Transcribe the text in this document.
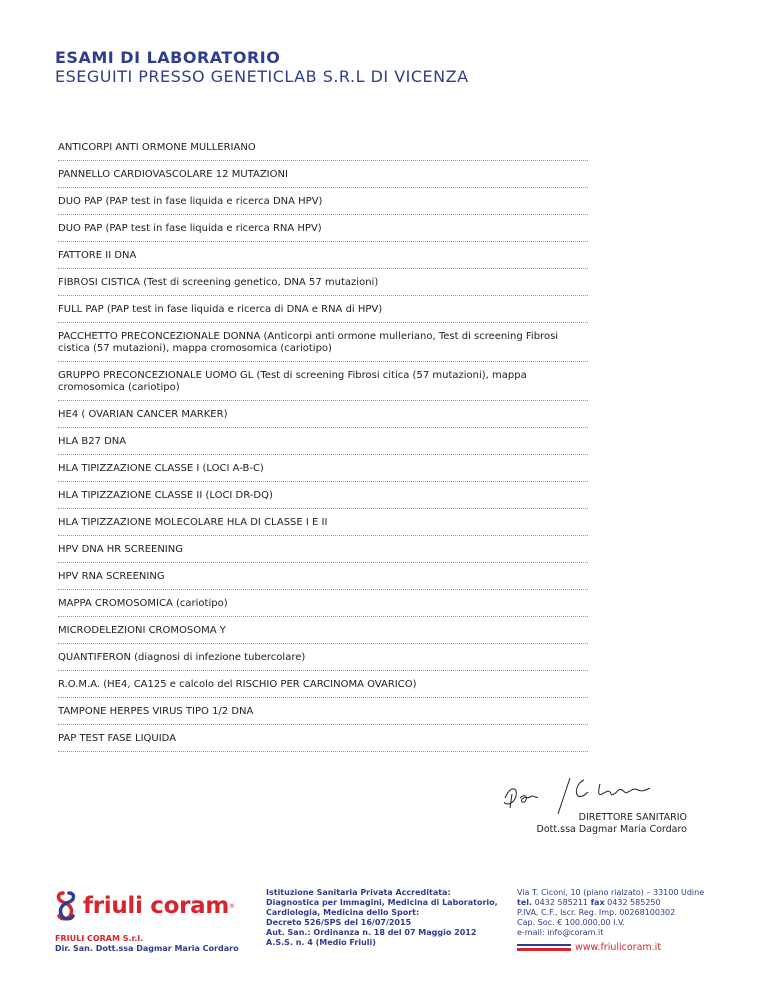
ESAMI DI LABORATORIO
ESEGUITI PRESSO GENETICLAB S.R.L DI VICENZA
ANTICORPI ANTI ORMONE MULLERIANO
PANNELLO CARDIOVASCOLARE 12 MUTAZIONI
DUO PAP (PAP test in fase liquida e ricerca DNA HPV)
DUO PAP (PAP test in fase liquida e ricerca RNA HPV)
FATTORE II DNA
FIBROSI CISTICA (Test di screening genetico, DNA 57 mutazioni)
FULL PAP (PAP test in fase liquida e ricerca di DNA e RNA di HPV)
PACCHETTO PRECONCEZIONALE DONNA (Anticorpi anti ormone mulleriano, Test di screening Fibrosi
cistica (57 mutazioni), mappa cromosomica (cariotipo)
GRUPPO PRECONCEZIONALE UOMO GL (Test di screening Fibrosi citica (57 mutazioni), mappa
cromosomica (cariotipo)
HE4 ( OVARIAN CANCER MARKER)
HLA B27 DNA
HLA TIPIZZAZIONE CLASSE I (LOCI A-B-C)
HLA TIPIZZAZIONE CLASSE II (LOCI DR-DQ)
HLA TIPIZZAZIONE MOLECOLARE HLA DI CLASSE I E II
HPV DNA HR SCREENING
HPV RNA SCREENING
MAPPA CROMOSOMICA (cariotipo)
MICRODELEZIONI CROMOSOMA Y
QUANTIFERON (diagnosi di infezione tubercolare)
R.O.M.A. (HE4, CA125 e calcolo del RISCHIO PER CARCINOMA OVARICO)
TAMPONE HERPES VIRUS TIPO 1/2 DNA
PAP TEST FASE LIQUIDA
DIRETTORE SANITARIO
Dott.ssa Dagmar Maria Cordaro
friuli coram ®
FRIULI CORAM S.r.l.
Dir. San. Dott.ssa Dagmar Maria Cordaro
Istituzione Sanitaria Privata Accreditata:
Diagnostica per Immagini, Medicina di Laboratorio,
Cardiologia, Medicina dello Sport:
Decreto 526/SPS del 16/07/2015
Aut. San.: Ordinanza n. 18 del 07 Maggio 2012
A.S.S. n. 4 (Medio Friuli)
Via T. Ciconi, 10 (piano rialzato) – 33100 Udine
tel. 0432 585211 fax 0432 585250
P.IVA, C.F., Iscr. Reg. Imp. 00268100302
Cap. Soc. € 100.000,00 I.V.
e-mail: info@coram.it
www.friulicoram.it
